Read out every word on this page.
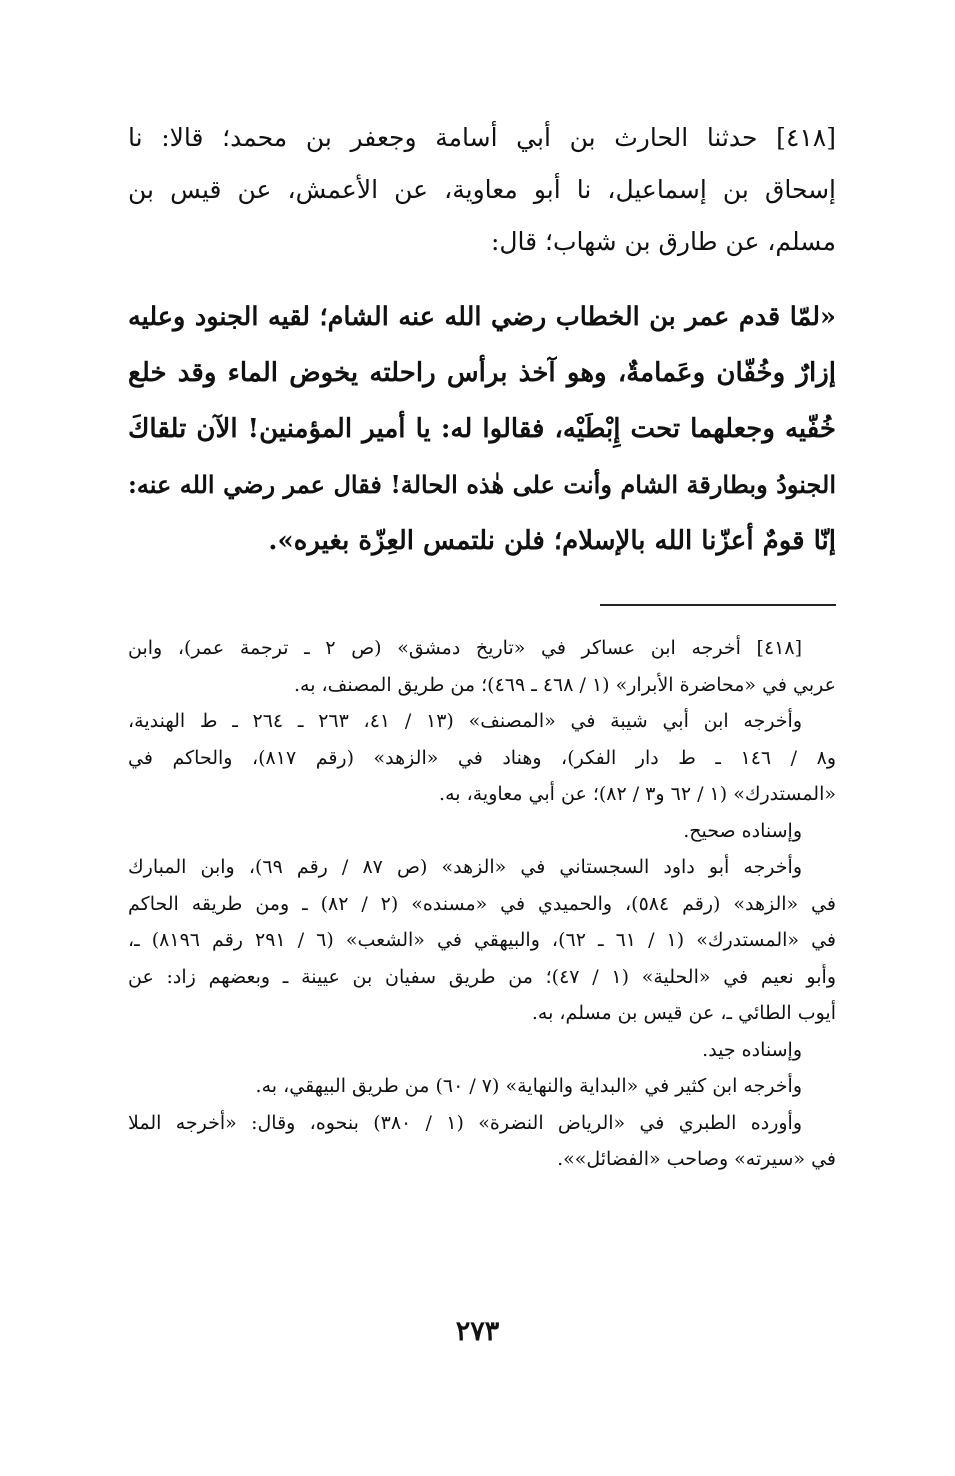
[٤١٨] حدثنا الحارث بن أبي أسامة وجعفر بن محمد؛ قالا: نا
إسحاق بن إسماعيل، نا أبو معاوية، عن الأعمش، عن قيس بن
مسلم، عن طارق بن شهاب؛ قال:
«لمّا قدم عمر بن الخطاب رضي الله عنه الشام؛ لقيه الجنود وعليه
إزارٌ وخُفّان وعَمامةٌ، وهو آخذ برأس راحلته يخوض الماء وقد خلع
خُفّيه وجعلهما تحت إِبْطَيْه، فقالوا له: يا أمير المؤمنين! الآن تلقاكَ
الجنودُ وبطارقة الشام وأنت على هٰذه الحالة! فقال عمر رضي الله عنه:
إنّا قومٌ أعزّنا الله بالإسلام؛ فلن نلتمس العِزّة بغيره».
[٤١٨] أخرجه ابن عساكر في «تاريخ دمشق» (ص ٢ ـ ترجمة عمر)، وابن
عربي في «محاضرة الأبرار» (١ / ٤٦٨ ـ ٤٦٩)؛ من طريق المصنف، به.
وأخرجه ابن أبي شيبة في «المصنف» (١٣ / ٤١، ٢٦٣ ـ ٢٦٤ ـ ط الهندية،
و٨ / ١٤٦ ـ ط دار الفكر)، وهناد في «الزهد» (رقم ٨١٧)، والحاكم في
«المستدرك» (١ / ٦٢ و٣ / ٨٢)؛ عن أبي معاوية، به.
وإسناده صحيح.
وأخرجه أبو داود السجستاني في «الزهد» (ص ٨٧ / رقم ٦٩)، وابن المبارك
في «الزهد» (رقم ٥٨٤)، والحميدي في «مسنده» (٢ / ٨٢) ـ ومن طريقه الحاكم
في «المستدرك» (١ / ٦١ ـ ٦٢)، والبيهقي في «الشعب» (٦ / ٢٩١ رقم ٨١٩٦) ـ،
وأبو نعيم في «الحلية» (١ / ٤٧)؛ من طريق سفيان بن عيينة ـ وبعضهم زاد: عن
أيوب الطائي ـ، عن قيس بن مسلم، به.
وإسناده جيد.
وأخرجه ابن كثير في «البداية والنهاية» (٧ / ٦٠) من طريق البيهقي، به.
وأورده الطبري في «الرياض النضرة» (١ / ٣٨٠) بنحوه، وقال: «أخرجه الملا
في «سيرته» وصاحب «الفضائل»».
٢٧٣
